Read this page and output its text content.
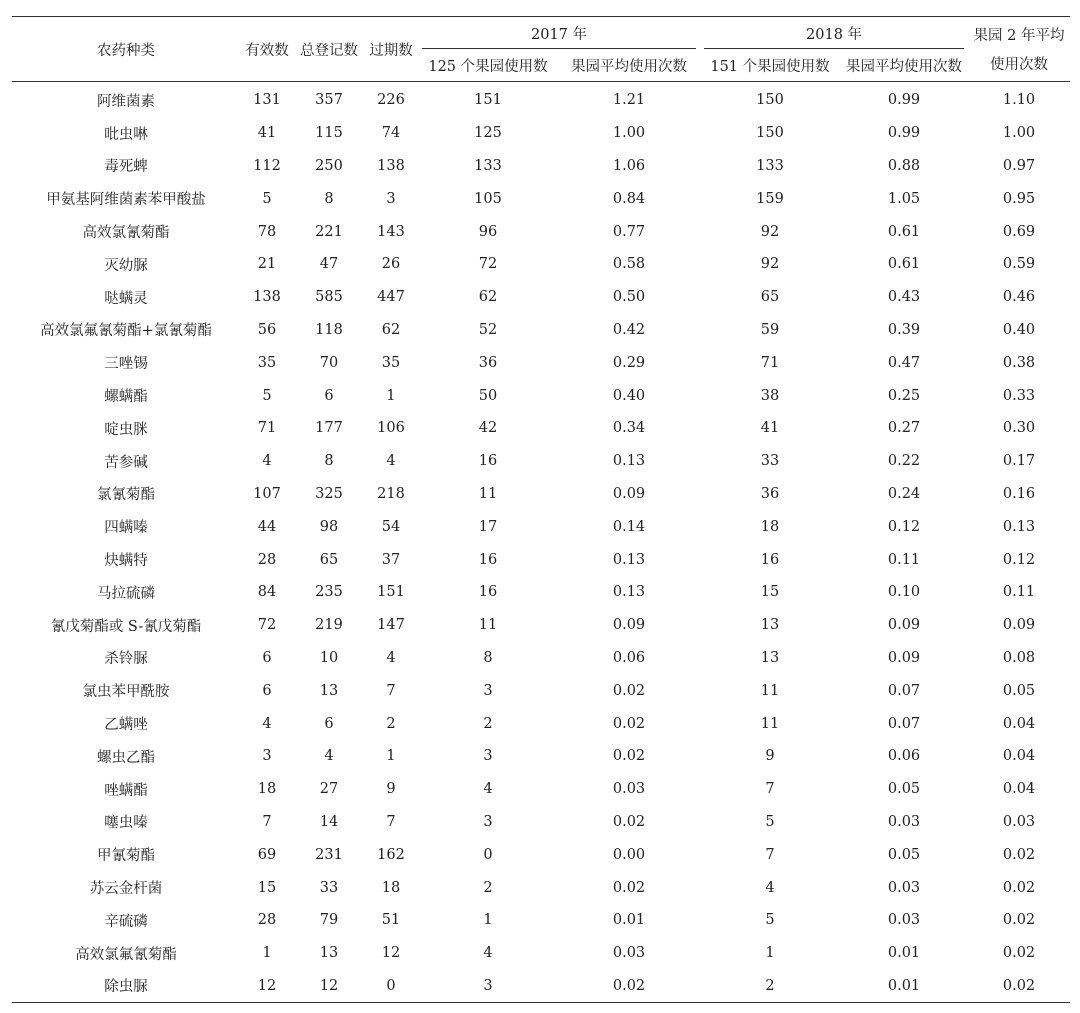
农药种类	有效数	总登记数	过期数	2017 年		2018 年		果园 2 年平均
使用次数

				125 个果园使用数	果园平均使用次数	151 个果园使用数	果园平均使用次数	
阿维菌素	131	357	226	151	1.21	150	0.99	1.10
吡虫啉	41	115	74	125	1.00	150	0.99	1.00
毒死蜱	112	250	138	133	1.06	133	0.88	0.97
甲氨基阿维菌素苯甲酸盐	5	8	3	105	0.84	159	1.05	0.95
高效氯氰菊酯	78	221	143	96	0.77	92	0.61	0.69
灭幼脲	21	47	26	72	0.58	92	0.61	0.59
哒螨灵	138	585	447	62	0.50	65	0.43	0.46
高效氯氟氰菊酯+氯氰菊酯	56	118	62	52	0.42	59	0.39	0.40
三唑锡	35	70	35	36	0.29	71	0.47	0.38
螺螨酯	5	6	1	50	0.40	38	0.25	0.33
啶虫脒	71	177	106	42	0.34	41	0.27	0.30
苦参碱	4	8	4	16	0.13	33	0.22	0.17
氯氰菊酯	107	325	218	11	0.09	36	0.24	0.16
四螨嗪	44	98	54	17	0.14	18	0.12	0.13
炔螨特	28	65	37	16	0.13	16	0.11	0.12
马拉硫磷	84	235	151	16	0.13	15	0.10	0.11
氰戊菊酯或 S-氰戊菊酯	72	219	147	11	0.09	13	0.09	0.09
杀铃脲	6	10	4	8	0.06	13	0.09	0.08
氯虫苯甲酰胺	6	13	7	3	0.02	11	0.07	0.05
乙螨唑	4	6	2	2	0.02	11	0.07	0.04
螺虫乙酯	3	4	1	3	0.02	9	0.06	0.04
唑螨酯	18	27	9	4	0.03	7	0.05	0.04
噻虫嗪	7	14	7	3	0.02	5	0.03	0.03
甲氰菊酯	69	231	162	0	0.00	7	0.05	0.02
苏云金杆菌	15	33	18	2	0.02	4	0.03	0.02
辛硫磷	28	79	51	1	0.01	5	0.03	0.02
高效氯氟氰菊酯	1	13	12	4	0.03	1	0.01	0.02
除虫脲	12	12	0	3	0.02	2	0.01	0.02
